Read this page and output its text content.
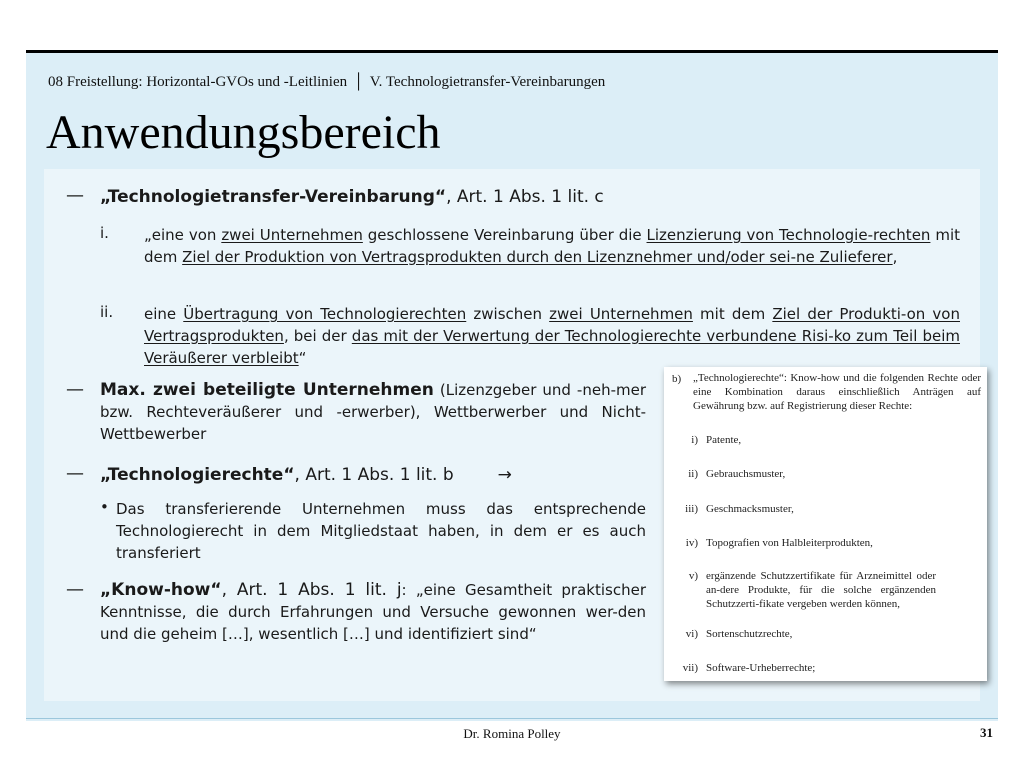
08 Freistellung: Horizontal-GVOs und -Leitlinien │ V. Technologietransfer-Vereinbarungen
Anwendungsbereich
— „Technologietransfer-Vereinbarung“, Art. 1 Abs. 1 lit. c
i. „eine von zwei Unternehmen geschlossene Vereinbarung über die Lizenzierung von Technologie-rechten mit dem Ziel der Produktion von Vertragsprodukten durch den Lizenznehmer und/oder sei-ne Zulieferer,

ii. eine Übertragung von Technologierechten zwischen zwei Unternehmen mit dem Ziel der Produkti-on von Vertragsprodukten, bei der das mit der Verwertung der Technologierechte verbundene Risi-ko zum Teil beim Veräußerer verbleibt“

— Max. zwei beteiligte Unternehmen (Lizenzgeber und -neh-mer bzw. Rechteveräußerer und -erwerber), Wettberwerber und Nicht-Wettbewerber

— „Technologierechte“, Art. 1 Abs. 1 lit. b	→
• Das transferierende Unternehmen muss das entsprechende Technologierecht in dem Mitgliedstaat haben, in dem er es auch transferiert

— „Know-how“, Art. 1 Abs. 1 lit. j: „eine Gesamtheit praktischer Kenntnisse, die durch Erfahrungen und Versuche gewonnen wer-den und die geheim […], wesentlich […] und identifiziert sind“

b) „Technologierechte“: Know-how und die folgenden Rechte oder eine Kombination daraus einschließlich Anträgen auf Gewährung bzw. auf Registrierung dieser Rechte:
i) Patente,
ii) Gebrauchsmuster,
iii) Geschmacksmuster,
iv) Topografien von Halbleiterprodukten,
v) ergänzende Schutzzertifikate für Arzneimittel oder an-dere Produkte, für die solche ergänzenden Schutzzerti-fikate vergeben werden können,
vi) Sortenschutzrechte,
vii) Software-Urheberrechte;
Dr. Romina Polley	31
